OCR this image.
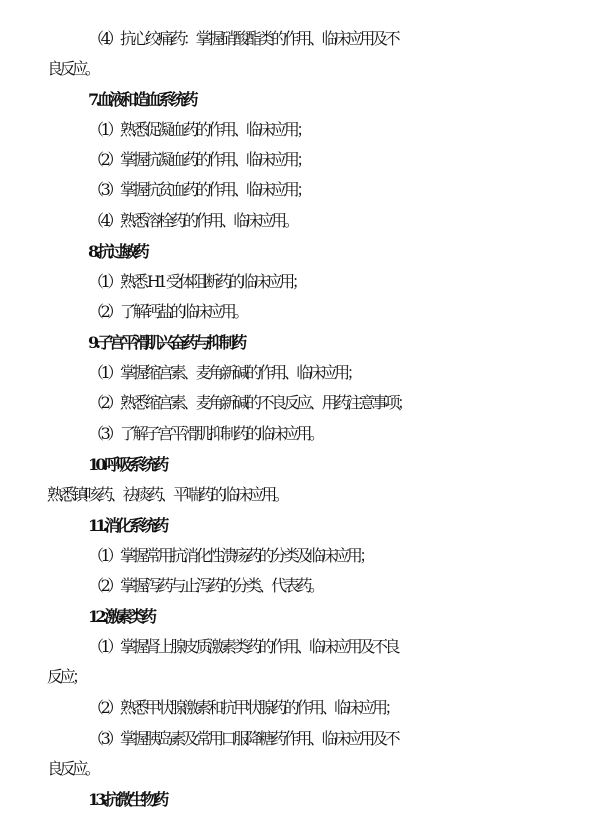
（4）抗心绞痛药：掌握硝酸酯类的作用、临床应用及不
良反应。
7.血液和造血系统药
（1）熟悉促凝血药的作用、临床应用；
（2）掌握抗凝血药的作用、临床应用；
（3）掌握抗贫血药的作用、临床应用；
（4）熟悉溶栓药的作用、临床应用。
8.抗过敏药
（1）熟悉 H1 受体阻断药的临床应用；
（2）了解钙盐的临床应用。
9.子宫平滑肌兴奋药与抑制药
（1）掌握缩宫素、麦角新碱的作用、临床应用；
（2）熟悉缩宫素、麦角新碱的不良反应、用药注意事项；
（3）了解子宫平滑肌抑制药的临床应用。
10.呼吸系统药
熟悉镇咳药、祛痰药、平喘药的临床应用。
11.消化系统药
（1）掌握常用抗消化性溃疡药的分类及临床应用；
（2）掌握泻药与止泻药的分类、代表药。
12.激素类药
（1）掌握肾上腺皮质激素类药的作用、临床应用及不良
反应；
（2）熟悉甲状腺激素和抗甲状腺药的作用、临床应用；
（3）掌握胰岛素及常用口服降糖药作用、临床应用及不
良反应。
13.抗微生物药
